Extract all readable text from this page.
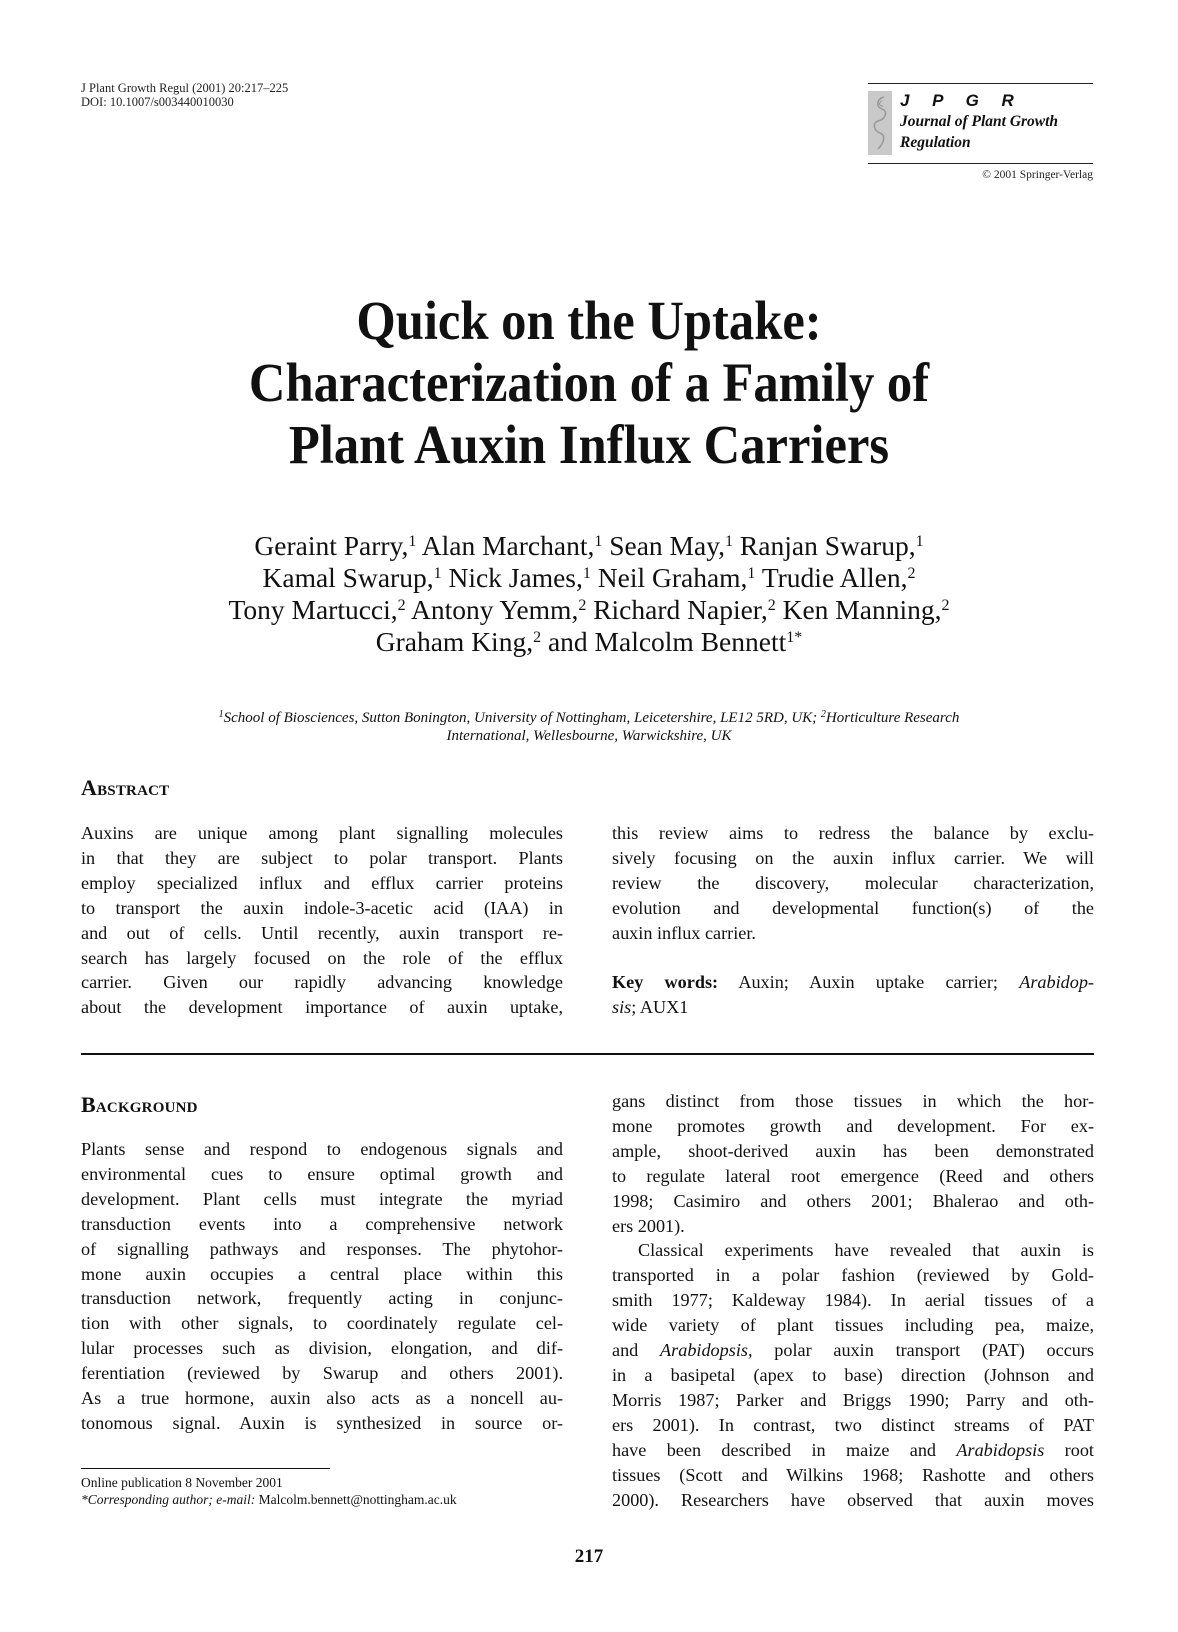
J Plant Growth Regul (2001) 20:217–225
DOI: 10.1007/s003440010030	J P G R
Journal of Plant Growth
Regulation
© 2001 Springer-Verlag
Quick on the Uptake:
Characterization of a Family of
Plant Auxin Influx Carriers
Geraint Parry,$^1$ Alan Marchant,$^1$ Sean May,$^1$ Ranjan Swarup,$^1$
Kamal Swarup,$^1$ Nick James,$^1$ Neil Graham,$^1$ Trudie Allen,$^2$
Tony Martucci,$^2$ Antony Yemm,$^2$ Richard Napier,$^2$ Ken Manning,$^2$
Graham King,$^2$ and Malcolm Bennett$^{1*}$
$^1$School of Biosciences, Sutton Bonington, University of Nottingham, Leicetershire, LE12 5RD, UK; $^2$Horticulture Research
International, Wellesbourne, Warwickshire, UK
Abstract
Auxins are unique among plant signalling molecules
in that they are subject to polar transport. Plants
employ specialized influx and efflux carrier proteins
to transport the auxin indole-3-acetic acid (IAA) in
and out of cells. Until recently, auxin transport re-
search has largely focused on the role of the efflux
carrier. Given our rapidly advancing knowledge
about the development importance of auxin uptake,
this review aims to redress the balance by exclu-
sively focusing on the auxin influx carrier. We will
review the discovery, molecular characterization,
evolution and developmental function(s) of the
auxin influx carrier.
Key words: Auxin; Auxin uptake carrier; Arabidop-
sis; AUX1
Background
Plants sense and respond to endogenous signals and
environmental cues to ensure optimal growth and
development. Plant cells must integrate the myriad
transduction events into a comprehensive network
of signalling pathways and responses. The phytohor-
mone auxin occupies a central place within this
transduction network, frequently acting in conjunc-
tion with other signals, to coordinately regulate cel-
lular processes such as division, elongation, and dif-
ferentiation (reviewed by Swarup and others 2001).
As a true hormone, auxin also acts as a noncell au-
tonomous signal. Auxin is synthesized in source or-
gans distinct from those tissues in which the hor-
mone promotes growth and development. For ex-
ample, shoot-derived auxin has been demonstrated
to regulate lateral root emergence (Reed and others
1998; Casimiro and others 2001; Bhalerao and oth-
ers 2001).
Classical experiments have revealed that auxin is
transported in a polar fashion (reviewed by Gold-
smith 1977; Kaldeway 1984). In aerial tissues of a
wide variety of plant tissues including pea, maize,
and Arabidopsis, polar auxin transport (PAT) occurs
in a basipetal (apex to base) direction (Johnson and
Morris 1987; Parker and Briggs 1990; Parry and oth-
ers 2001). In contrast, two distinct streams of PAT
have been described in maize and Arabidopsis root
tissues (Scott and Wilkins 1968; Rashotte and others
2000). Researchers have observed that auxin moves
Online publication 8 November 2001
*Corresponding author; e-mail: Malcolm.bennett@nottingham.ac.uk
217
